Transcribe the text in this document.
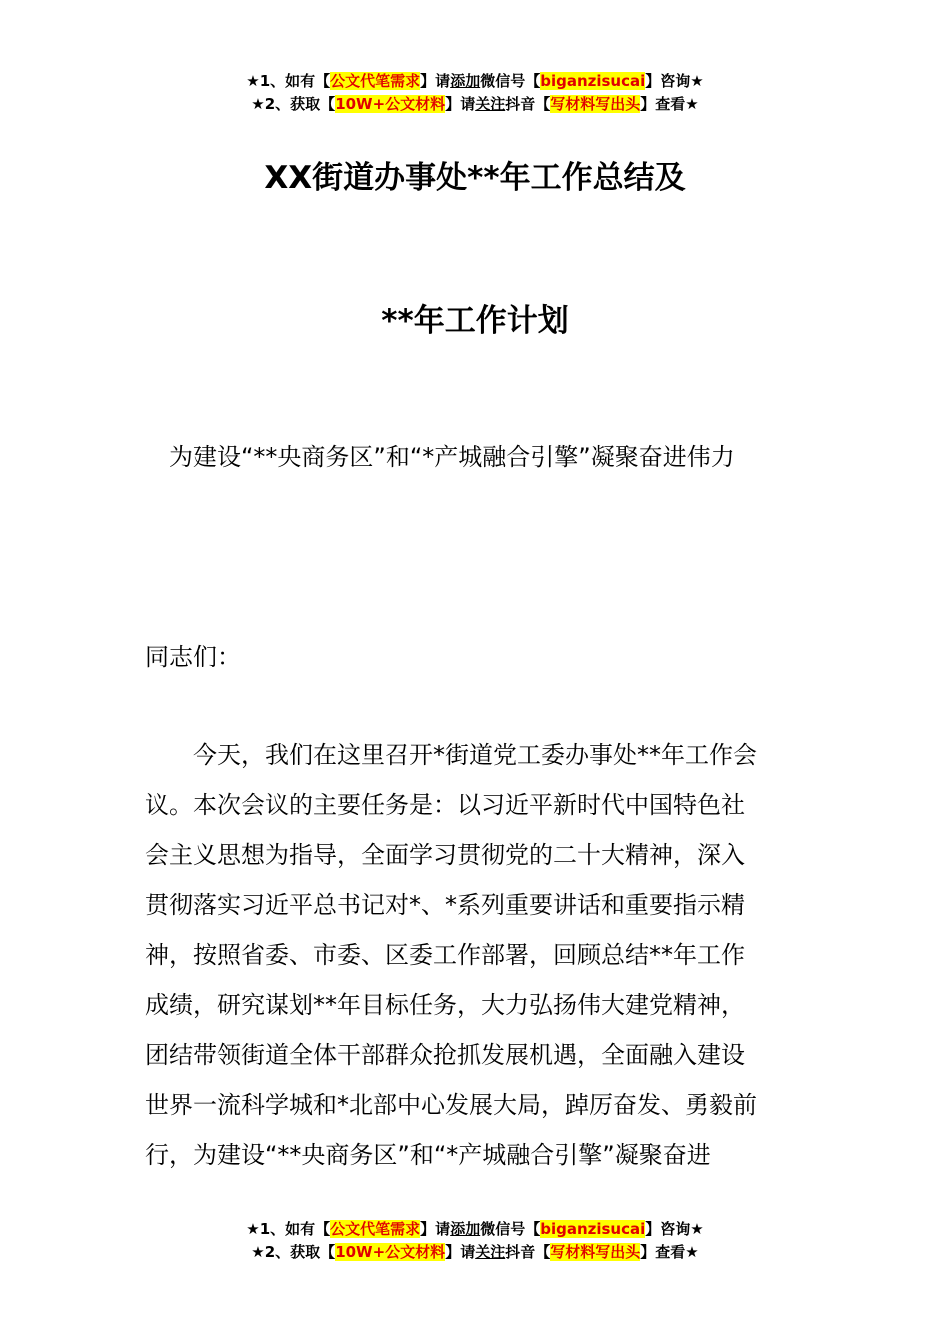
★1、如有【公文代笔需求】请添加微信号【biganzisucai】咨询★
★2、获取【10W+公文材料】请关注抖音【写材料写出头】查看★
XX街道办事处**年工作总结及
**年工作计划
为建设“**央商务区”和“*产城融合引擎”凝聚奋进伟力
同志们：
今天，我们在这里召开*街道党工委办事处**年工作会
议。本次会议的主要任务是：以习近平新时代中国特色社
会主义思想为指导，全面学习贯彻党的二十大精神，深入
贯彻落实习近平总书记对*、*系列重要讲话和重要指示精
神，按照省委、市委、区委工作部署，回顾总结**年工作
成绩，研究谋划**年目标任务，大力弘扬伟大建党精神，
团结带领街道全体干部群众抢抓发展机遇，全面融入建设
世界一流科学城和*北部中心发展大局，踔厉奋发、勇毅前
行，为建设“**央商务区”和“*产城融合引擎”凝聚奋进
★1、如有【公文代笔需求】请添加微信号【biganzisucai】咨询★
★2、获取【10W+公文材料】请关注抖音【写材料写出头】查看★
